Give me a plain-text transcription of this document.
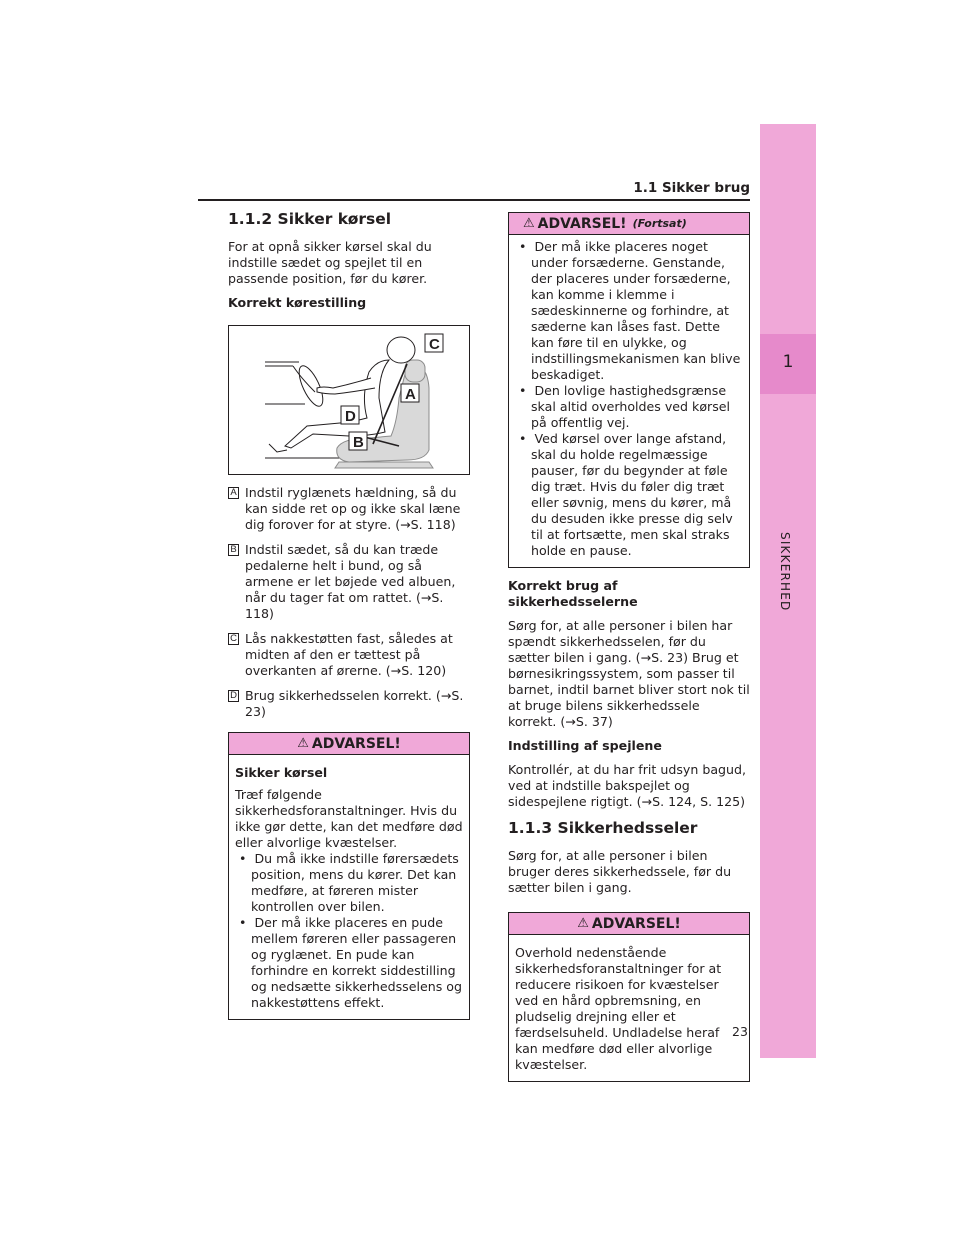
1
SIKKERHED
1.1 Sikker brug
1.1.2 Sikker kørsel

For at opnå sikker kørsel skal du indstille sædet og spejlet til en passende position, før du kører.

Korrekt kørestilling
C
A
D
B
A Indstil ryglænets hældning, så du kan sidde ret op og ikke skal læne dig forover for at styre. (→S. 118)
B Indstil sædet, så du kan træde pedalerne helt i bund, og så armene er let bøjede ved albuen, når du tager fat om rattet. (→S. 118)
C Lås nakkestøtten fast, således at midten af den er tættest på overkanten af ørerne. (→S. 120)
D Brug sikkerhedsselen korrekt. (→S. 23)
⚠ ADVARSEL!

Sikker kørsel

Træf følgende sikkerhedsforanstaltninger. Hvis du ikke gør dette, kan det medføre død eller alvorlige kvæstelser.

•  Du må ikke indstille førersædets position, mens du kører. Det kan medføre, at føreren mister kontrollen over bilen.
•  Der må ikke placeres en pude mellem føreren eller passageren og ryglænet. En pude kan forhindre en korrekt siddestilling og nedsætte sikkerhedsselens og nakkestøttens effekt.
⚠ ADVARSEL! (Fortsat)
•  Der må ikke placeres noget under forsæderne. Genstande, der placeres under forsæderne, kan komme i klemme i sædeskinnerne og forhindre, at sæderne kan låses fast. Dette kan føre til en ulykke, og indstillingsmekanismen kan blive beskadiget.
•  Den lovlige hastighedsgrænse skal altid overholdes ved kørsel på offentlig vej.
•  Ved kørsel over lange afstand, skal du holde regelmæssige pauser, før du begynder at føle dig træt. Hvis du føler dig træt eller søvnig, mens du kører, må du desuden ikke presse dig selv til at fortsætte, men skal straks holde en pause.
Korrekt brug af sikkerhedsselerne

Sørg for, at alle personer i bilen har spændt sikkerhedsselen, før du sætter bilen i gang. (→S. 23) Brug et børnesikringssystem, som passer til barnet, indtil barnet bliver stort nok til at bruge bilens sikkerhedssele korrekt. (→S. 37)

Indstilling af spejlene

Kontrollér, at du har frit udsyn bagud, ved at indstille bakspejlet og sidespejlene rigtigt. (→S. 124, S. 125)

1.1.3 Sikkerhedsseler

Sørg for, at alle personer i bilen bruger deres sikkerhedssele, før du sætter bilen i gang.

⚠ ADVARSEL!

Overhold nedenstående sikkerhedsforanstaltninger for at reducere risikoen for kvæstelser ved en hård opbremsning, en pludselig drejning eller et færdselsuheld. Undladelse heraf kan medføre død eller alvorlige kvæstelser.

23
